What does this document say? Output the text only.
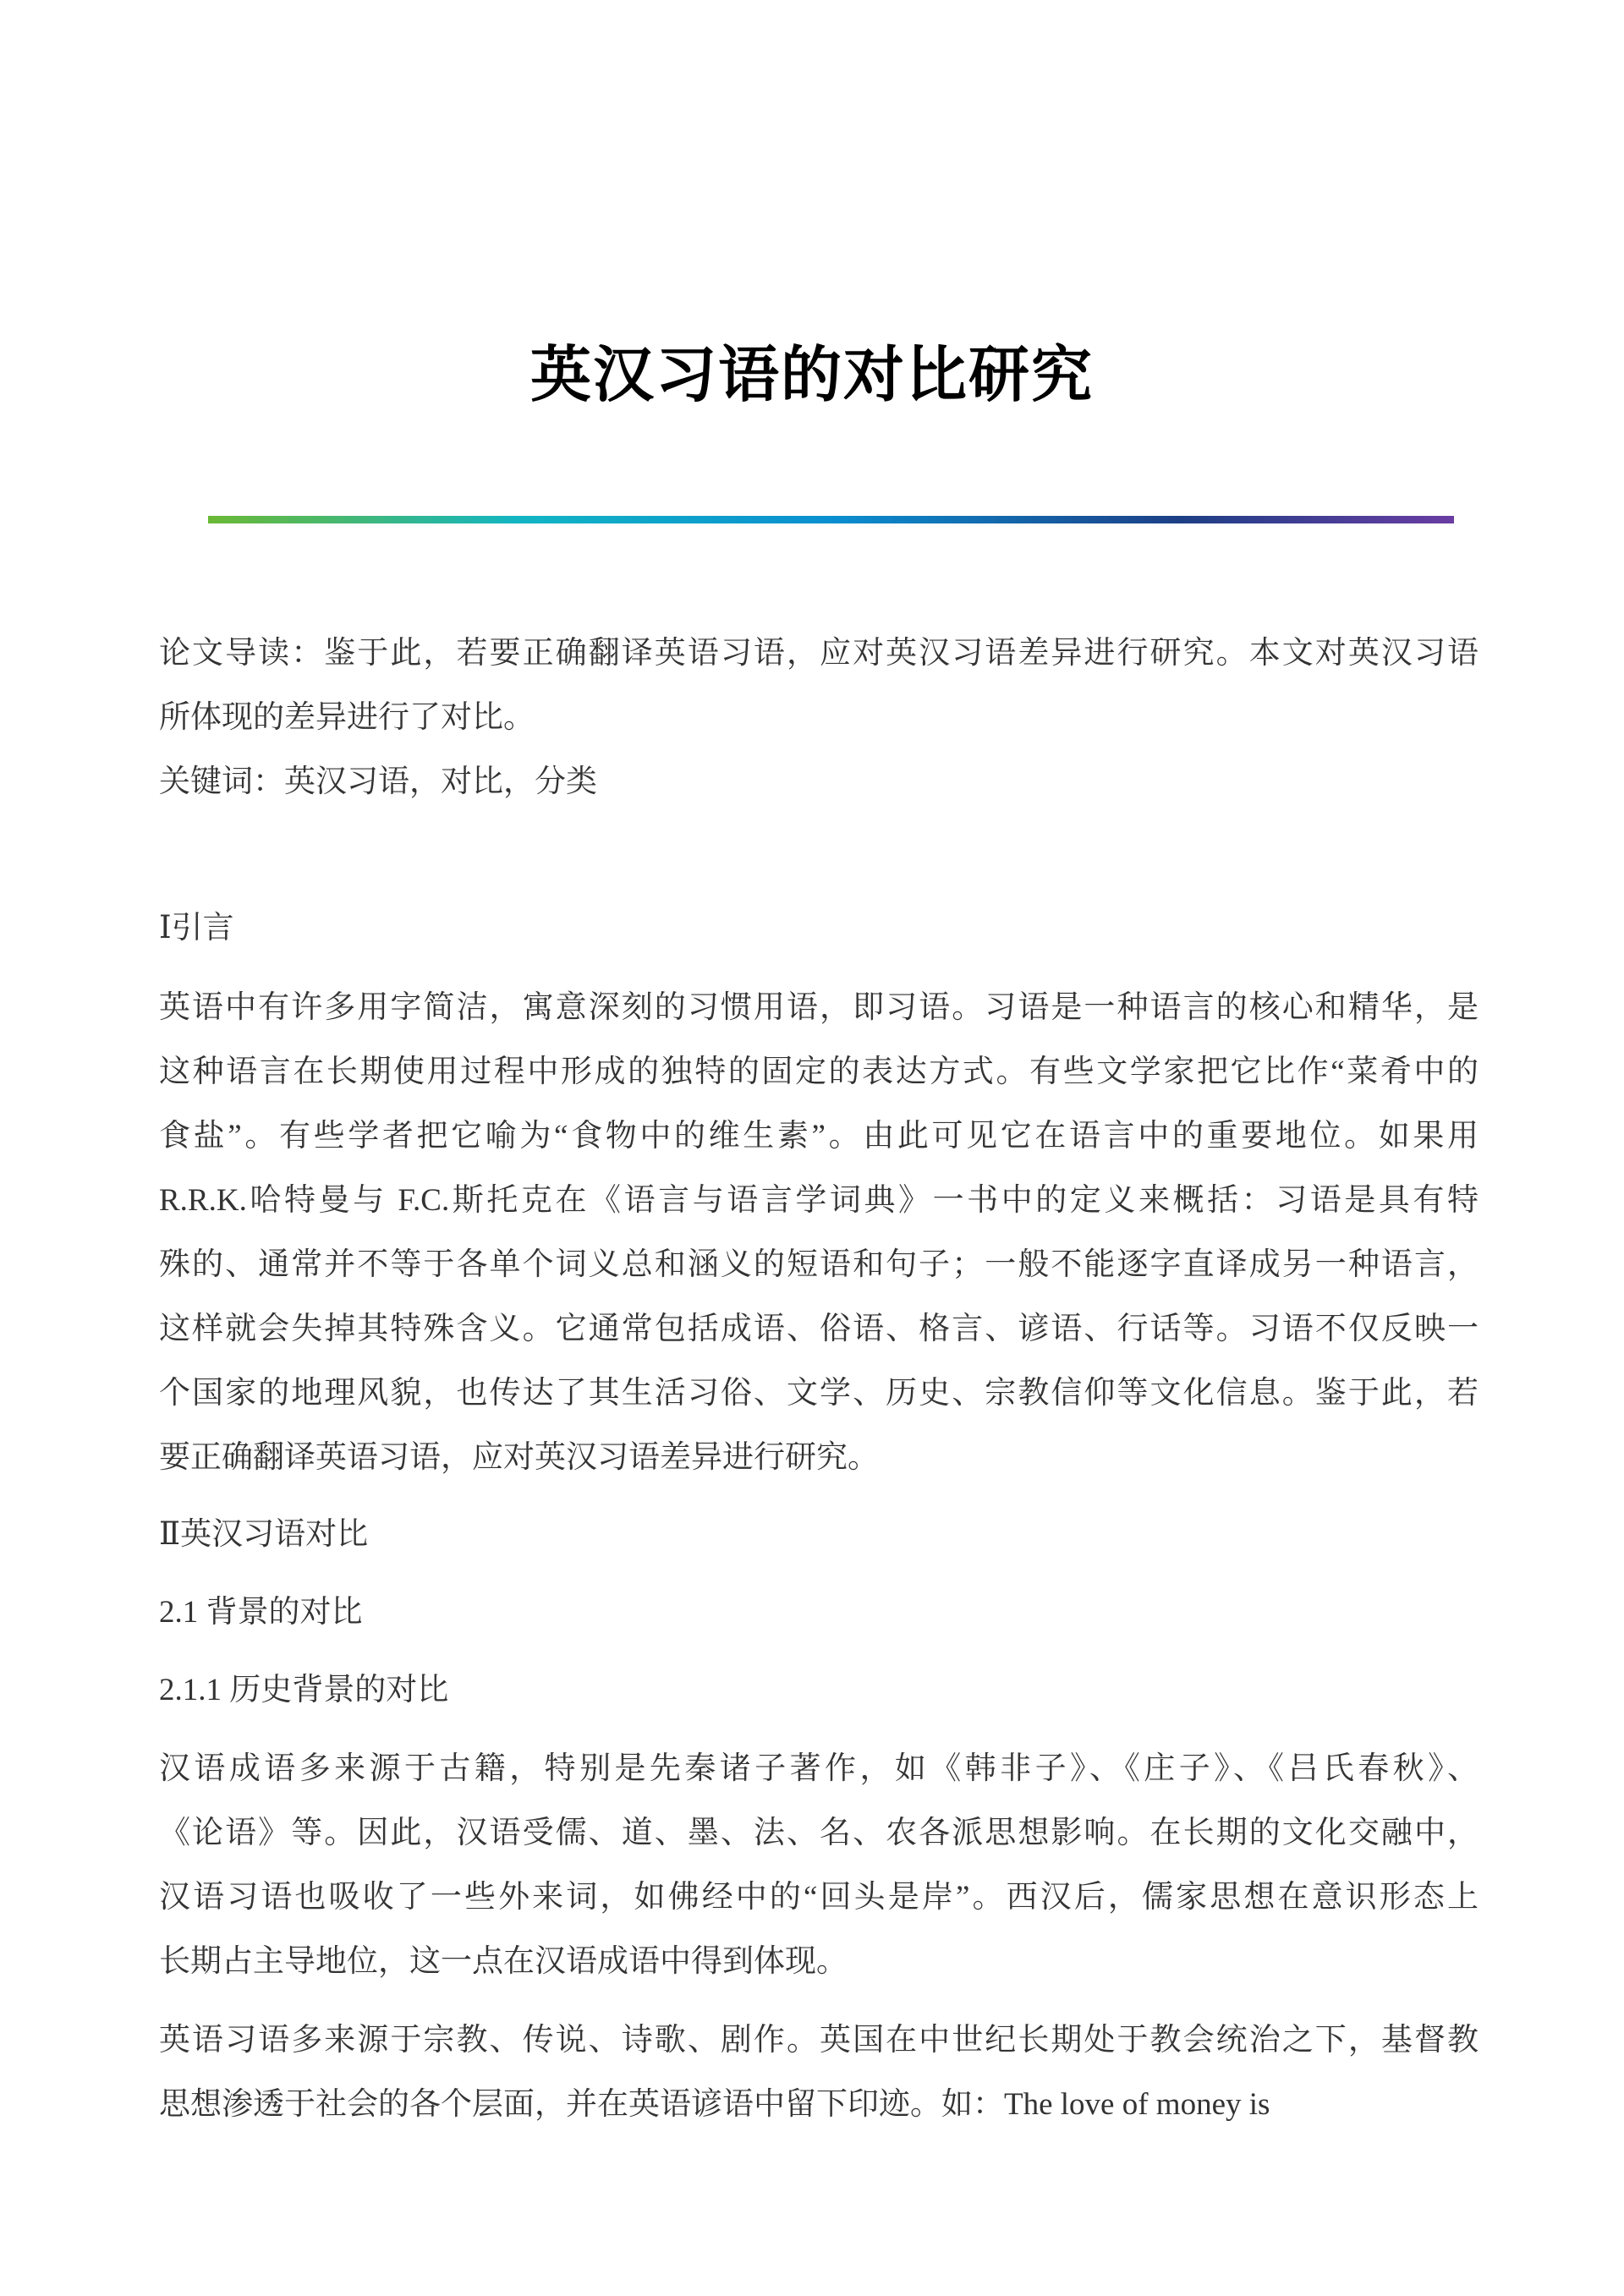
英汉习语的对比研究
论文导读：鉴于此，若要正确翻译英语习语，应对英汉习语差异进行研究。本文对英汉习语
所体现的差异进行了对比。
关键词：英汉习语，对比，分类
Ⅰ引言
英语中有许多用字简洁，寓意深刻的习惯用语，即习语。习语是一种语言的核心和精华，是
这种语言在长期使用过程中形成的独特的固定的表达方式。有些文学家把它比作“菜肴中的
食盐”。有些学者把它喻为“食物中的维生素”。由此可见它在语言中的重要地位。如果用
R.R.K.哈特曼与 F.C.斯托克在《语言与语言学词典》一书中的定义来概括：习语是具有特
殊的、通常并不等于各单个词义总和涵义的短语和句子；一般不能逐字直译成另一种语言，
这样就会失掉其特殊含义。它通常包括成语、俗语、格言、谚语、行话等。习语不仅反映一
个国家的地理风貌，也传达了其生活习俗、文学、历史、宗教信仰等文化信息。鉴于此，若
要正确翻译英语习语，应对英汉习语差异进行研究。
Ⅱ英汉习语对比
2.1 背景的对比
2.1.1 历史背景的对比
汉语成语多来源于古籍，特别是先秦诸子著作，如《韩非子》、《庄子》、《吕氏春秋》、
《论语》等。因此，汉语受儒、道、墨、法、名、农各派思想影响。在长期的文化交融中，
汉语习语也吸收了一些外来词，如佛经中的“回头是岸”。西汉后，儒家思想在意识形态上
长期占主导地位，这一点在汉语成语中得到体现。
英语习语多来源于宗教、传说、诗歌、剧作。英国在中世纪长期处于教会统治之下，基督教
思想渗透于社会的各个层面，并在英语谚语中留下印迹。如：The love of money is
